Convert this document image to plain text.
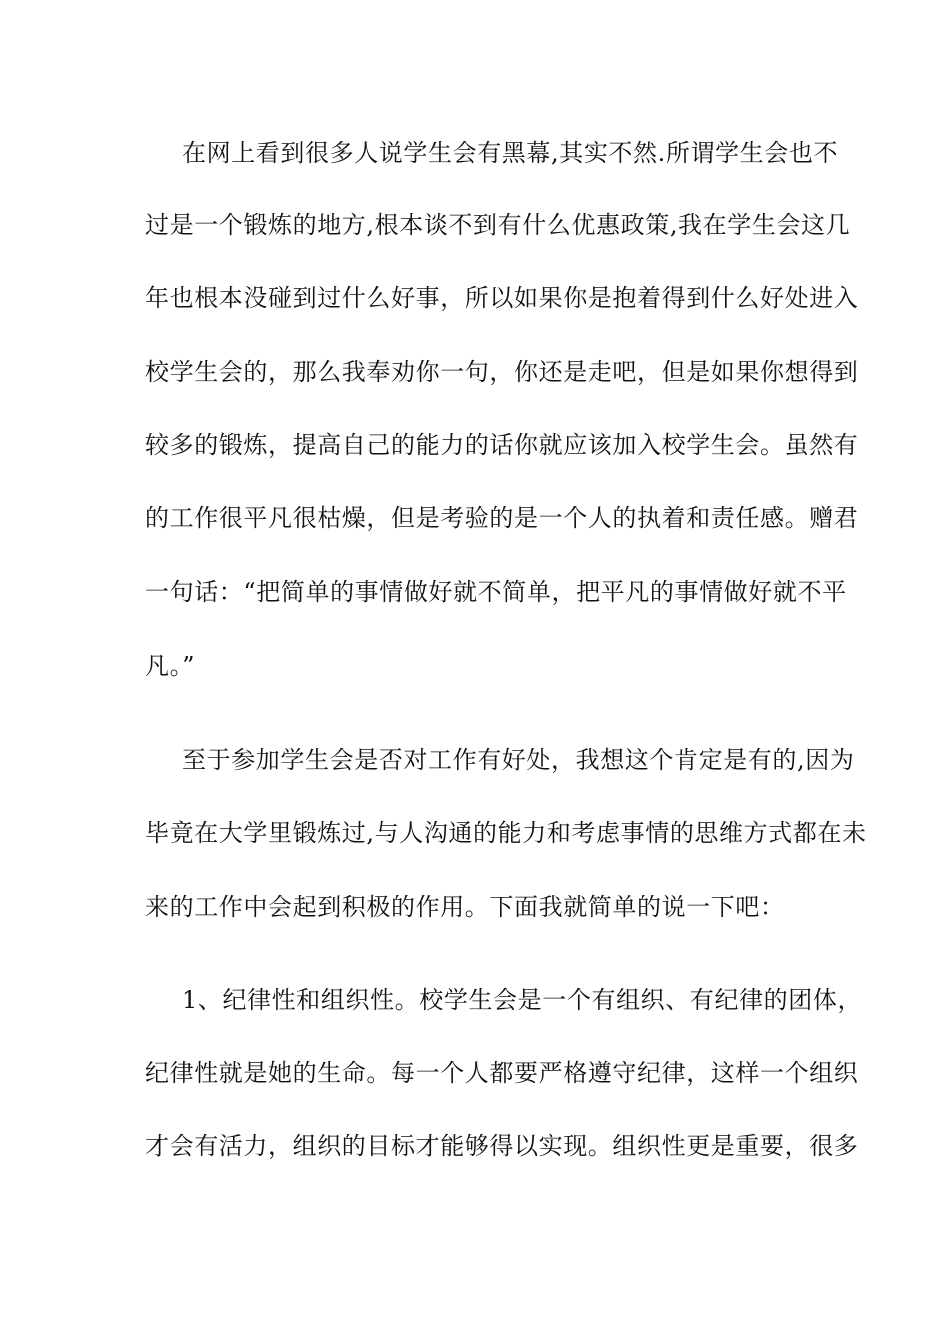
在网上看到很多人说学生会有黑幕,其实不然.所谓学生会也不
过是一个锻炼的地方,根本谈不到有什么优惠政策,我在学生会这几
年也根本没碰到过什么好事，所以如果你是抱着得到什么好处进入
校学生会的，那么我奉劝你一句，你还是走吧，但是如果你想得到
较多的锻炼，提高自己的能力的话你就应该加入校学生会。虽然有
的工作很平凡很枯燥，但是考验的是一个人的执着和责任感。赠君
一句话：“把简单的事情做好就不简单，把平凡的事情做好就不平
凡。”
至于参加学生会是否对工作有好处，我想这个肯定是有的,因为
毕竟在大学里锻炼过,与人沟通的能力和考虑事情的思维方式都在未
来的工作中会起到积极的作用。下面我就简单的说一下吧：
1、纪律性和组织性。校学生会是一个有组织、有纪律的团体，
纪律性就是她的生命。每一个人都要严格遵守纪律，这样一个组织
才会有活力，组织的目标才能够得以实现。组织性更是重要，很多
